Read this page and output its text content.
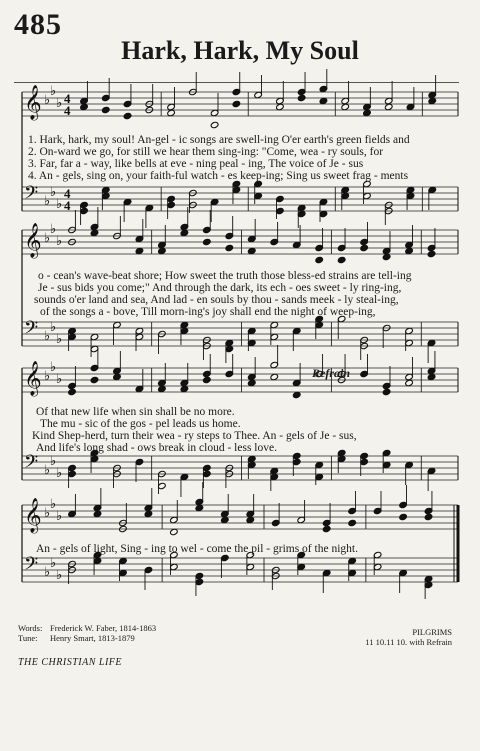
485
Hark, Hark, My Soul
𝄞 ♭
♭
♭ 4
4
𝄢 ♭
♭
♭
4
4
𝄞 ♭
♭
♭
𝄢 ♭
♭
♭
𝄞 ♭
♭
♭
𝄢 ♭
♭
♭
𝄞 ♭
♭
♭
𝄢 ♭
♭
♭
1. Hark, hark, my soul! An-gel - ic songs are swell-ing O'er earth's green fields and
2. On-ward we go, for still we hear them sing-ing: "Come, wea - ry souls, for
3. Far, far a - way, like bells at eve - ning peal - ing, The voice of Je - sus
4. An - gels, sing on, your faith-ful watch - es keep-ing; Sing us sweet frag - ments
o - cean's wave-beat shore; How sweet the truth those bless-ed strains are tell-ing
Je - sus bids you come;" And through the dark, its ech - oes sweet - ly ring-ing,
sounds o'er land and sea, And lad - en souls by thou - sands meek - ly steal-ing,
of the songs a - bove, Till morn-ing's joy shall end the night of weep-ing,
Refrain
Of that new life when sin shall be no more.
The mu - sic of the gos - pel leads us home.
Kind Shep-herd, turn their wea - ry steps to Thee. An - gels of Je - sus,
And life's long shad - ows break in cloud - less love.
An - gels of light, Sing - ing to wel - come the pil - grims of the night.
Words: Frederick W. Faber, 1814-1863
Tune: Henry Smart, 1813-1879
PILGRIMS
11 10.11 10. with Refrain
THE CHRISTIAN LIFE
